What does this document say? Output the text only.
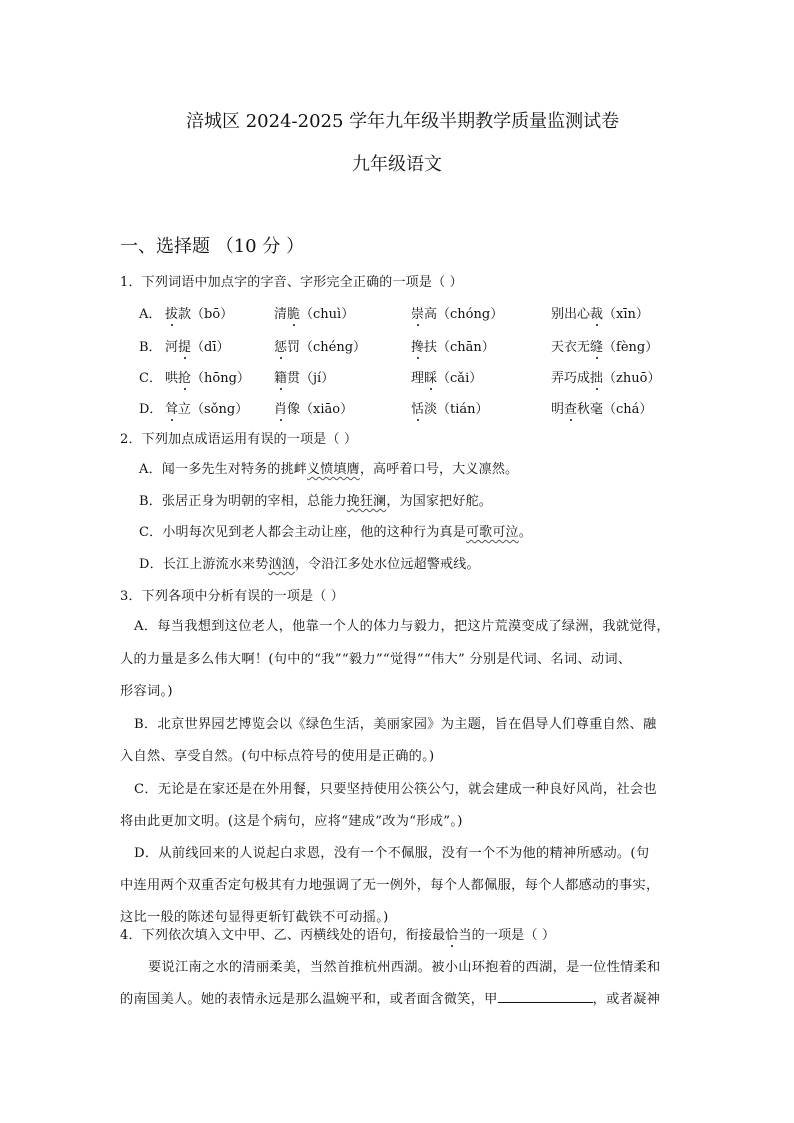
涪城区 2024-2025 学年九年级半期教学质量监测试卷
九年级语文
一、选择题 （10 分 ）
1．下列词语中加点字的字音、字形完全正确的一项是（ ）
A． 拔款（bō）	清脆（chuì）	崇高（chóng）	别出心裁（xīn）
B． 河提（dī）	惩罚（chéng）	搀扶（chān）	天衣无缝（fèng）
C． 哄抢（hōng） 籍贯（jí）	理睬（cǎi）	弄巧成拙（zhuō）
D． 耸立（sǒng） 肖像（xiāo）	恬淡（tián）	明查秋毫（chá）
2．下列加点成语运用有误的一项是（ ）
A．闻一多先生对特务的挑衅义愤填膺，高呼着口号，大义凛然。
B．张居正身为明朝的宰相，总能力挽狂澜，为国家把好舵。
C．小明每次见到老人都会主动让座，他的这种行为真是可歌可泣。
D．长江上游流水来势汹汹，令沿江多处水位远超警戒线。
3．下列各项中分析有误的一项是（ ）
A．每当我想到这位老人，他靠一个人的体力与毅力，把这片荒漠变成了绿洲，我就觉得，
人的力量是多么伟大啊！(句中的“我”“毅力”“觉得”“伟大” 分别是代词、名词、动词、
形容词。)
B．北京世界园艺博览会以《绿色生活，美丽家园》为主题，旨在倡导人们尊重自然、融
入自然、享受自然。(句中标点符号的使用是正确的。)
C．无论是在家还是在外用餐，只要坚持使用公筷公勺，就会建成一种良好风尚，社会也
将由此更加文明。(这是个病句，应将“建成”改为“形成”。)
D．从前线回来的人说起白求恩，没有一个不佩服，没有一个不为他的精神所感动。(句
中连用两个双重否定句极其有力地强调了无一例外，每个人都佩服，每个人都感动的事实，
这比一般的陈述句显得更斩钉截铁不可动摇。)
4．下列依次填入文中甲、乙、丙横线处的语句，衔接最恰当的一项是（ ）
要说江南之水的清丽柔美，当然首推杭州西湖。被小山环抱着的西湖，是一位性情柔和
的南国美人。她的表情永远是那么温婉平和，或者面含微笑，甲	，或者凝神
